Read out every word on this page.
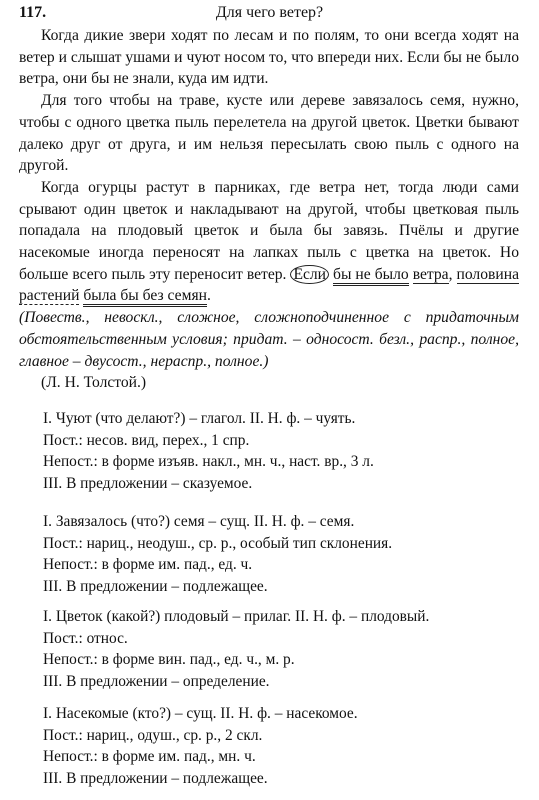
117.	Для чего ветер?

Когда дикие звери ходят по лесам и по полям, то они всегда ходят на ветер и слышат ушами и чуют носом то, что впереди них. Если бы не было ветра, они бы не знали, куда им идти.

Для того чтобы на траве, кусте или дереве завязалось семя, нужно, чтобы с одного цветка пыль перелетела на другой цветок. Цветки бывают далеко друг от друга, и им нельзя пересылать свою пыль с одного на другой.

Когда огурцы растут в парниках, где ветра нет, тогда люди сами срывают один цветок и накладывают на другой, чтобы цветковая пыль попадала на плодовый цветок и была бы завязь. Пчёлы и другие насекомые иногда переносят на лапках пыль с цветка на цветок. Но больше всего пыль эту переносит ветер. Если бы не было ветра, половина растений была бы без семян.

(Повеств., невоскл., сложное, сложноподчиненное с придаточным обстоятельственным условия; придат. – односост. безл., распр., полное, главное – двусост., нераспр., полное.)

(Л. Н. Толстой.)

I. Чуют (что делают?) – глагол. II. Н. ф. – чуять.
Пост.: несов. вид, перех., 1 спр.
Непост.: в форме изъяв. накл., мн. ч., наст. вр., 3 л.
III. В предложении – сказуемое.
I. Завязалось (что?) семя – сущ. II. Н. ф. – семя.
Пост.: нариц., неодуш., ср. р., особый тип склонения.
Непост.: в форме им. пад., ед. ч.
III. В предложении – подлежащее.
I. Цветок (какой?) плодовый – прилаг. II. Н. ф. – плодовый.
Пост.: относ.
Непост.: в форме вин. пад., ед. ч., м. р.
III. В предложении – определение.
I. Насекомые (кто?) – сущ. II. Н. ф. – насекомое.
Пост.: нариц., одуш., ср. р., 2 скл.
Непост.: в форме им. пад., мн. ч.
III. В предложении – подлежащее.
